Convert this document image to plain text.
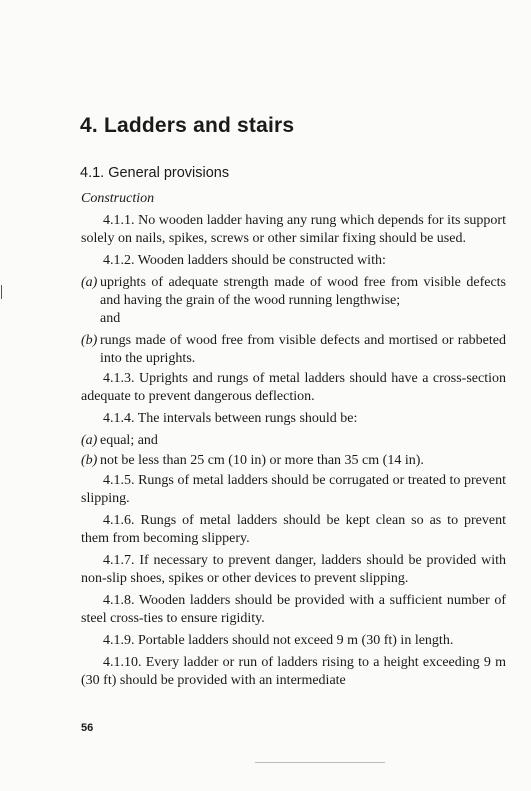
4. Ladders and stairs
4.1. General provisions

Construction

4.1.1. No wooden ladder having any rung which depends for its support solely on nails, spikes, screws or other similar fixing should be used.

4.1.2. Wooden ladders should be constructed with:

(a) uprights of adequate strength made of wood free from visible defects and having the grain of the wood running lengthwise;
and
(b) rungs made of wood free from visible defects and mortised or rabbeted into the uprights.

4.1.3. Uprights and rungs of metal ladders should have a cross-section adequate to prevent dangerous deflection.

4.1.4. The intervals between rungs should be:

(a) equal; and
(b) not be less than 25 cm (10 in) or more than 35 cm (14 in).

4.1.5. Rungs of metal ladders should be corrugated or treated to prevent slipping.

4.1.6. Rungs of metal ladders should be kept clean so as to prevent them from becoming slippery.

4.1.7. If necessary to prevent danger, ladders should be provided with non-slip shoes, spikes or other devices to prevent slipping.

4.1.8. Wooden ladders should be provided with a sufficient number of steel cross-ties to ensure rigidity.

4.1.9. Portable ladders should not exceed 9 m (30 ft) in length.

4.1.10. Every ladder or run of ladders rising to a height exceeding 9 m (30 ft) should be provided with an intermediate

56
